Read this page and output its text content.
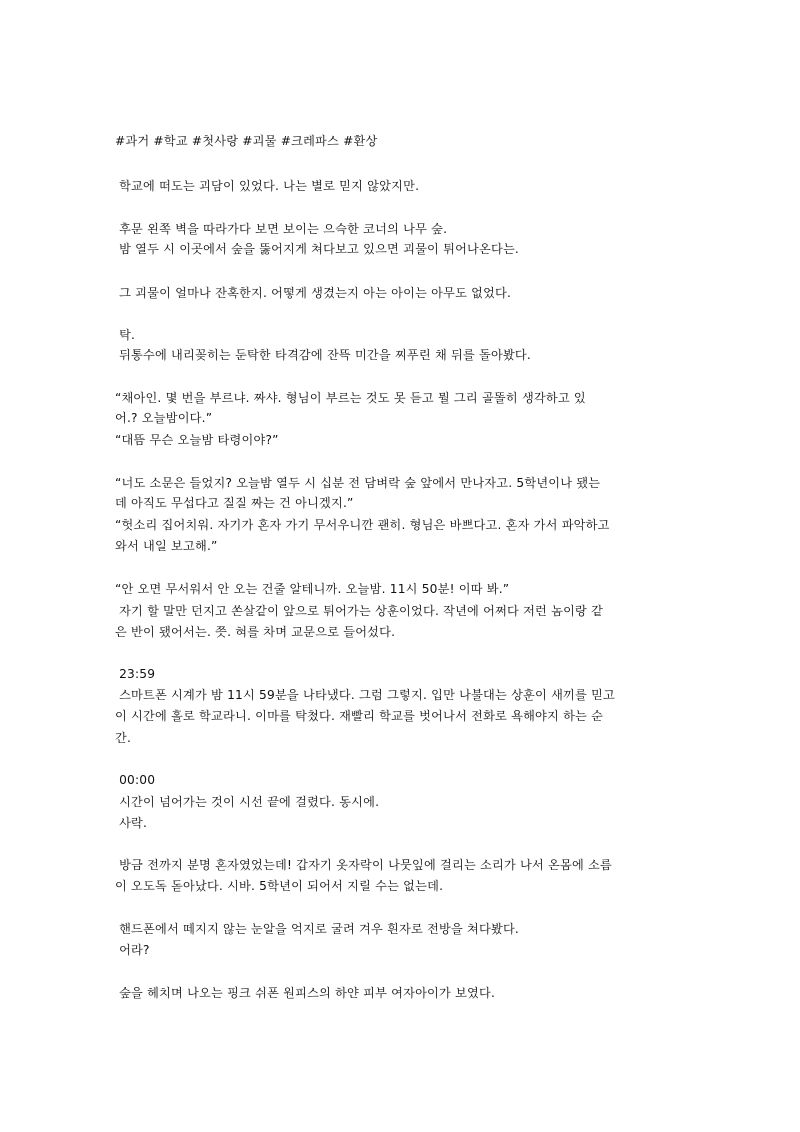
#과거 #학교 #첫사랑 #괴물 #크레파스 #환상
학교에 떠도는 괴담이 있었다. 나는 별로 믿지 않았지만.
후문 왼쪽 벽을 따라가다 보면 보이는 으슥한 코너의 나무 숲.
밤 열두 시 이곳에서 숲을 뚫어지게 쳐다보고 있으면 괴물이 튀어나온다는.
그 괴물이 얼마나 잔혹한지. 어떻게 생겼는지 아는 아이는 아무도 없었다.
탁.
뒤통수에 내리꽂히는 둔탁한 타격감에 잔뜩 미간을 찌푸린 채 뒤를 돌아봤다.
“채아인. 몇 번을 부르냐. 짜샤. 형님이 부르는 것도 못 듣고 뭘 그리 골똘히 생각하고 있
어.? 오늘밤이다.”
“대뜸 무슨 오늘밤 타령이야?”
“너도 소문은 들었지? 오늘밤 열두 시 십분 전 담벼락 숲 앞에서 만나자고. 5학년이나 됐는
데 아직도 무섭다고 질질 짜는 건 아니겠지.”
“헛소리 집어치워. 자기가 혼자 가기 무서우니깐 괜히. 형님은 바쁘다고. 혼자 가서 파악하고
와서 내일 보고해.”
“안 오면 무서워서 안 오는 건줄 알테니까. 오늘밤. 11시 50분! 이따 봐.”
자기 할 말만 던지고 쏜살같이 앞으로 튀어가는 상훈이었다. 작년에 어쩌다 저런 놈이랑 같
은 반이 됐어서는. 쯧. 혀를 차며 교문으로 들어섰다.
23:59
스마트폰 시계가 밤 11시 59분을 나타냈다. 그럼 그렇지. 입만 나불대는 상훈이 새끼를 믿고
이 시간에 홀로 학교라니. 이마를 탁쳤다. 재빨리 학교를 벗어나서 전화로 욕해야지 하는 순
간.
00:00
시간이 넘어가는 것이 시선 끝에 걸렸다. 동시에.
사락.
방금 전까지 분명 혼자였었는데! 갑자기 옷자락이 나뭇잎에 걸리는 소리가 나서 온몸에 소름
이 오도독 돋아났다. 시바. 5학년이 되어서 지릴 수는 없는데.
핸드폰에서 떼지지 않는 눈알을 억지로 굴려 겨우 흰자로 전방을 쳐다봤다.
어라?
숲을 헤치며 나오는 핑크 쉬폰 원피스의 하얀 피부 여자아이가 보였다.
